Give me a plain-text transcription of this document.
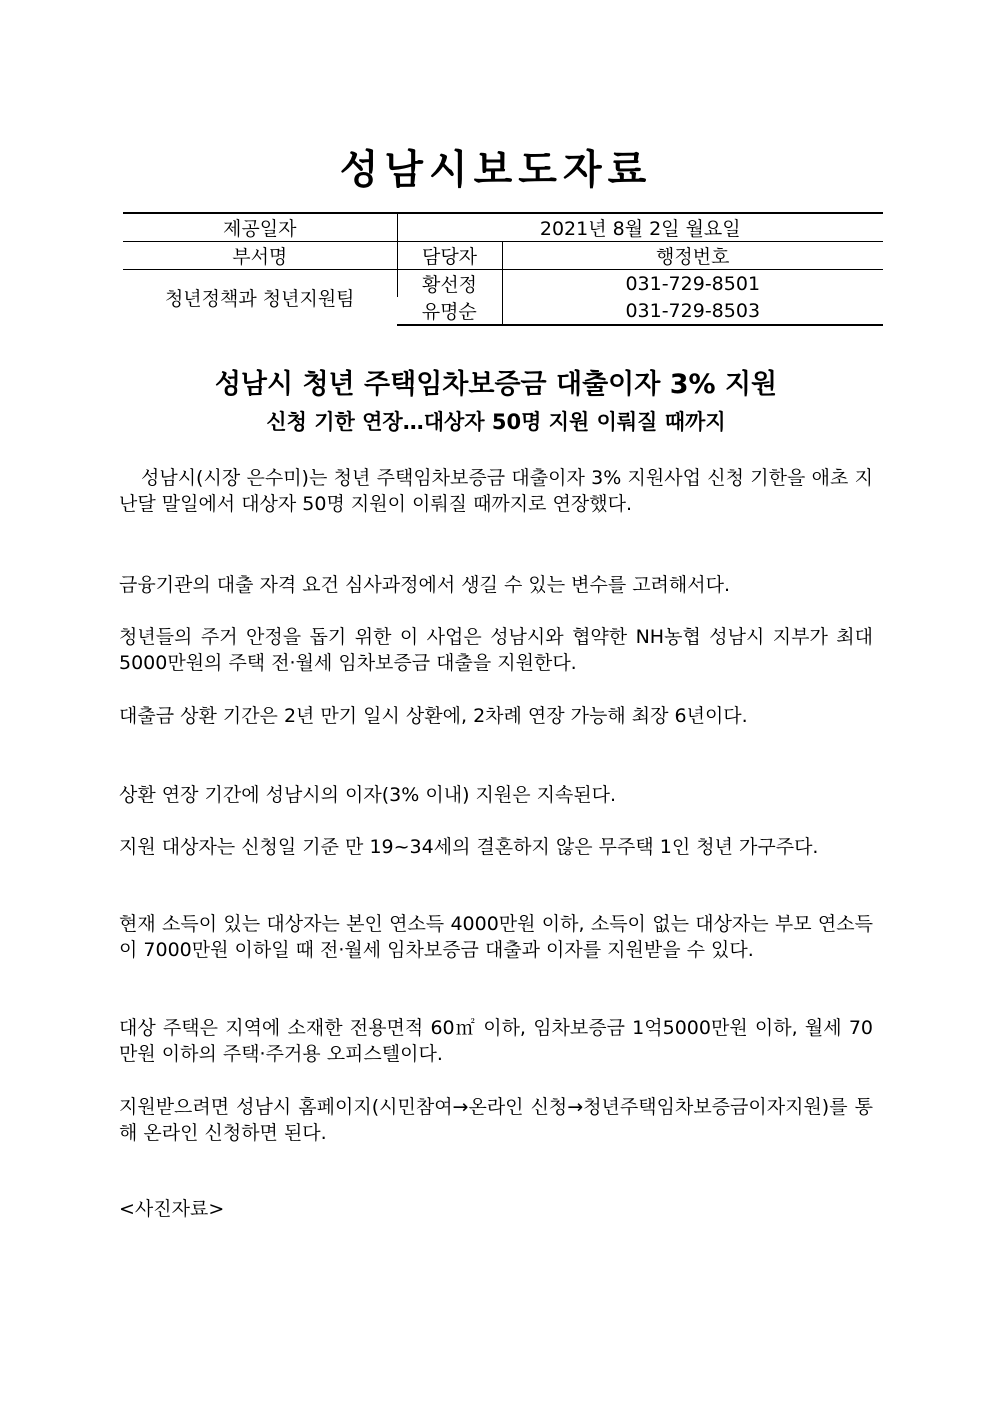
성남시보도자료
제공일자	2021년 8월 2일 월요일	
부서명	담당자	행정번호
청년정책과 청년지원팀	황선정	031-729-8501
	유명순	031-729-8503
성남시 청년 주택임차보증금 대출이자 3% 지원
신청 기한 연장…대상자 50명 지원 이뤄질 때까지

성남시(시장 은수미)는 청년 주택임차보증금 대출이자 3% 지원사업 신청 기한을 애초 지난달 말일에서 대상자 50명 지원이 이뤄질 때까지로 연장했다.

금융기관의 대출 자격 요건 심사과정에서 생길 수 있는 변수를 고려해서다.

청년들의 주거 안정을 돕기 위한 이 사업은 성남시와 협약한 NH농협 성남시 지부가 최대 5000만원의 주택 전·월세 임차보증금 대출을 지원한다.

대출금 상환 기간은 2년 만기 일시 상환에, 2차례 연장 가능해 최장 6년이다.

상환 연장 기간에 성남시의 이자(3% 이내) 지원은 지속된다.

지원 대상자는 신청일 기준 만 19~34세의 결혼하지 않은 무주택 1인 청년 가구주다.

현재 소득이 있는 대상자는 본인 연소득 4000만원 이하, 소득이 없는 대상자는 부모 연소득이 7000만원 이하일 때 전·월세 임차보증금 대출과 이자를 지원받을 수 있다.

대상 주택은 지역에 소재한 전용면적 60㎡ 이하, 임차보증금 1억5000만원 이하, 월세 70만원 이하의 주택·주거용 오피스텔이다.

지원받으려면 성남시 홈페이지(시민참여→온라인 신청→청년주택임차보증금이자지원)를 통해 온라인 신청하면 된다.

<사진자료>
